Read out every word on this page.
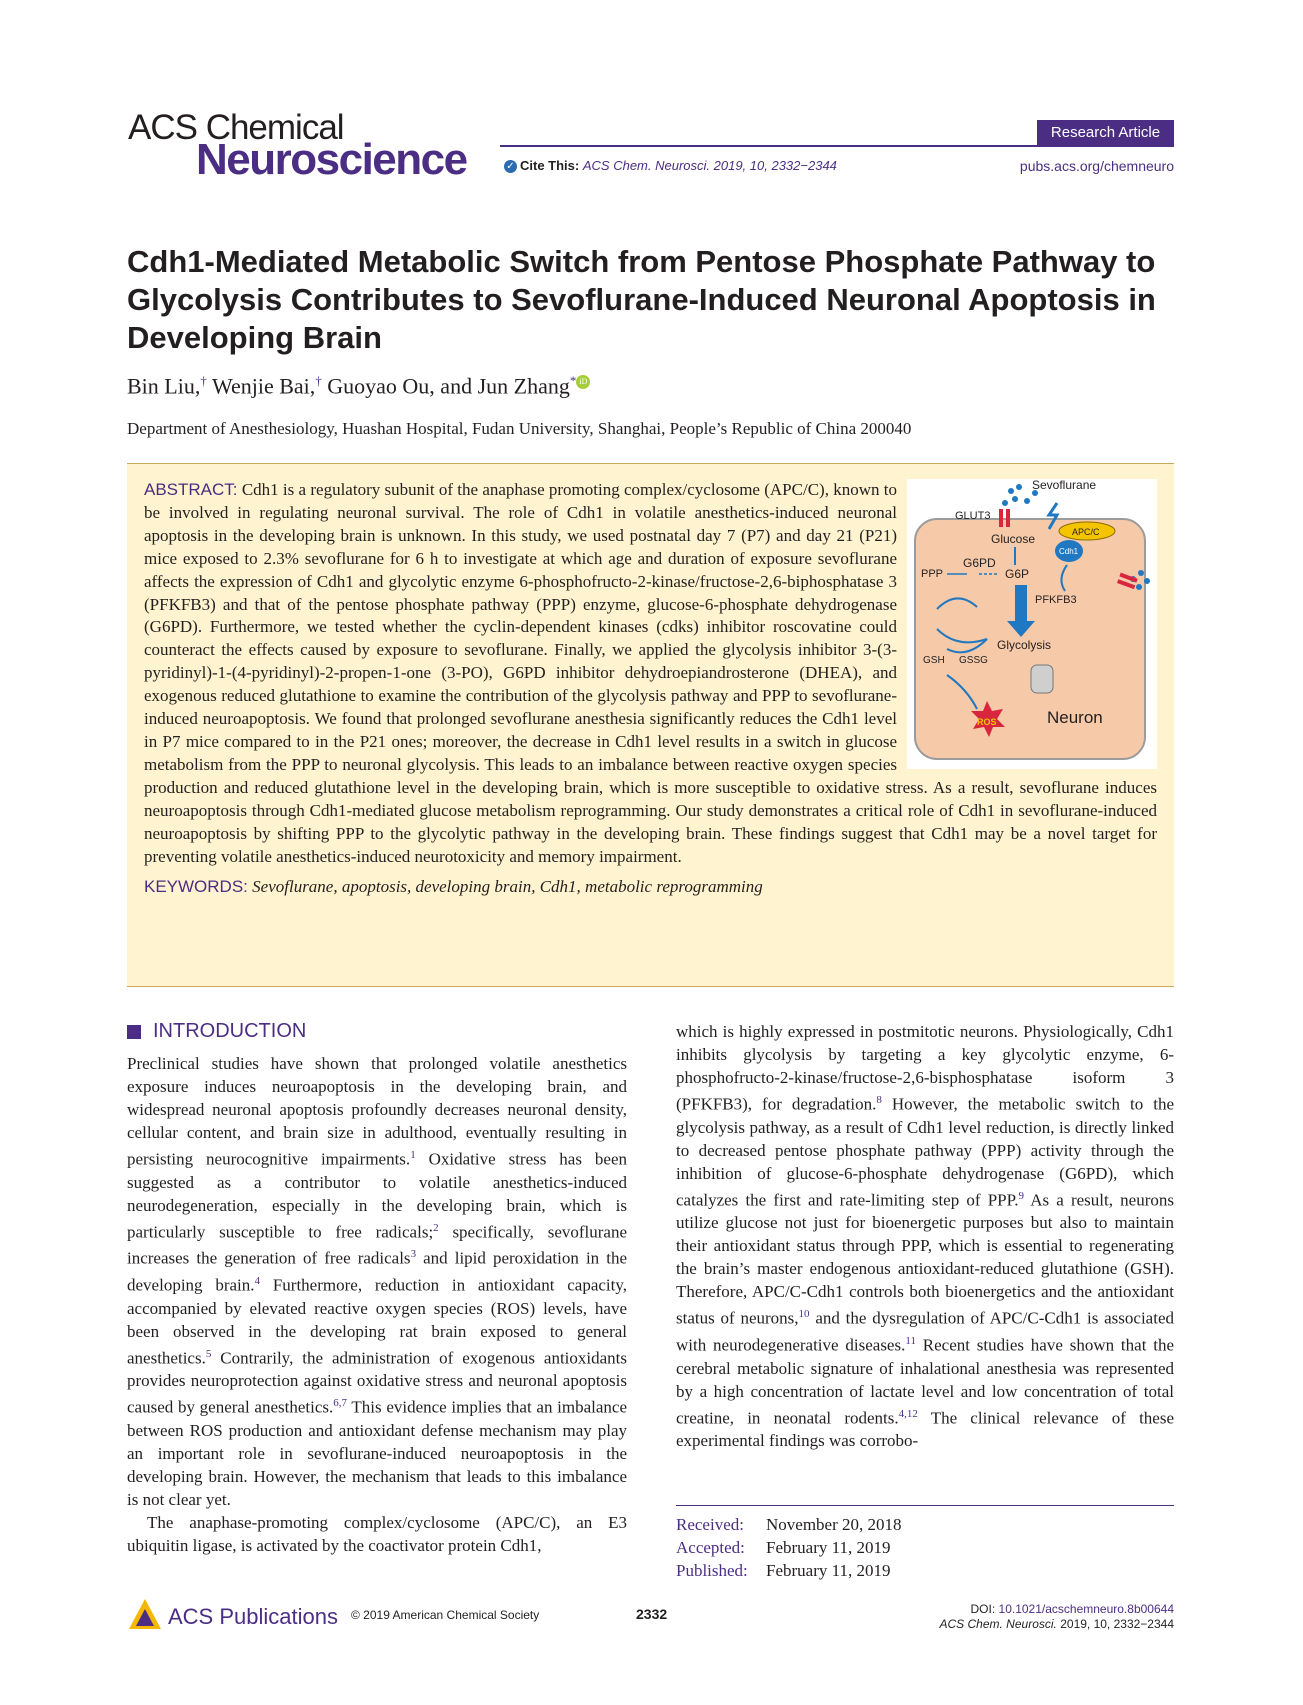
ACS Chemical
Neuroscience
Research Article
✓ Cite This: ACS Chem. Neurosci. 2019, 10, 2332−2344	pubs.acs.org/chemneuro
Cdh1-Mediated Metabolic Switch from Pentose Phosphate Pathway to Glycolysis Contributes to Sevoflurane-Induced Neuronal Apoptosis in Developing Brain
Bin Liu,† Wenjie Bai,† Guoyao Ou, and Jun Zhang* iD
Department of Anesthesiology, Huashan Hospital, Fudan University, Shanghai, People’s Republic of China 200040
Sevoflurane
GLUT3
APC/C
Cdh1
Glucose
G6PD
PPP	G6P
PFKFB3
Glycolysis
GSH GSSG
ROS	Neuron
ABSTRACT: Cdh1 is a regulatory subunit of the anaphase promoting complex/cyclosome (APC/C), known to be involved in regulating neuronal survival. The role of Cdh1 in volatile anesthetics-induced neuronal apoptosis in the developing brain is unknown. In this study, we used postnatal day 7 (P7) and day 21 (P21) mice exposed to 2.3% sevoflurane for 6 h to investigate at which age and duration of exposure sevoflurane affects the expression of Cdh1 and glycolytic enzyme 6-phosphofructo-2-kinase/fructose-2,6-biphosphatase 3 (PFKFB3) and that of the pentose phosphate pathway (PPP) enzyme, glucose-6-phosphate dehydrogenase (G6PD). Furthermore, we tested whether the cyclin-dependent kinases (cdks) inhibitor roscovatine could counteract the effects caused by exposure to sevoflurane. Finally, we applied the glycolysis inhibitor 3-(3-pyridinyl)-1-(4-pyridinyl)-2-propen-1-one (3-PO), G6PD inhibitor dehydroepiandrosterone (DHEA), and exogenous reduced glutathione to examine the contribution of the glycolysis pathway and PPP to sevoflurane-induced neuroapoptosis. We found that prolonged sevoflurane anesthesia significantly reduces the Cdh1 level in P7 mice compared to in the P21 ones; moreover, the decrease in Cdh1 level results in a switch in glucose metabolism from the PPP to neuronal glycolysis. This leads to an imbalance between reactive oxygen species production and reduced glutathione level in the developing brain, which is more susceptible to oxidative stress. As a result, sevoflurane induces neuroapoptosis through Cdh1-mediated glucose metabolism reprogramming. Our study demonstrates a critical role of Cdh1 in sevoflurane-induced neuroapoptosis by shifting PPP to the glycolytic pathway in the developing brain. These findings suggest that Cdh1 may be a novel target for preventing volatile anesthetics-induced neurotoxicity and memory impairment.
KEYWORDS: Sevoflurane, apoptosis, developing brain, Cdh1, metabolic reprogramming
INTRODUCTION

Preclinical studies have shown that prolonged volatile anesthetics exposure induces neuroapoptosis in the developing brain, and widespread neuronal apoptosis profoundly decreases neuronal density, cellular content, and brain size in adulthood, eventually resulting in persisting neurocognitive impairments.$^1$ Oxidative stress has been suggested as a contributor to volatile anesthetics-induced neurodegeneration, especially in the developing brain, which is particularly susceptible to free radicals;$^2$ specifically, sevoflurane increases the generation of free radicals$^3$ and lipid peroxidation in the developing brain.$^4$ Furthermore, reduction in antioxidant capacity, accompanied by elevated reactive oxygen species (ROS) levels, have been observed in the developing rat brain exposed to general anesthetics.$^5$ Contrarily, the administration of exogenous antioxidants provides neuroprotection against oxidative stress and neuronal apoptosis caused by general anesthetics.$^{6,7}$ This evidence implies that an imbalance between ROS production and antioxidant defense mechanism may play an important role in sevoflurane-induced neuroapoptosis in the developing brain. However, the mechanism that leads to this imbalance is not clear yet.

The anaphase-promoting complex/cyclosome (APC/C), an E3 ubiquitin ligase, is activated by the coactivator protein Cdh1,

which is highly expressed in postmitotic neurons. Physiologically, Cdh1 inhibits glycolysis by targeting a key glycolytic enzyme, 6-phosphofructo-2-kinase/fructose-2,6-bisphosphatase isoform 3 (PFKFB3), for degradation.$^8$ However, the metabolic switch to the glycolysis pathway, as a result of Cdh1 level reduction, is directly linked to decreased pentose phosphate pathway (PPP) activity through the inhibition of glucose-6-phosphate dehydrogenase (G6PD), which catalyzes the first and rate-limiting step of PPP.$^9$ As a result, neurons utilize glucose not just for bioenergetic purposes but also to maintain their antioxidant status through PPP, which is essential to regenerating the brain’s master endogenous antioxidant-reduced glutathione (GSH). Therefore, APC/C-Cdh1 controls both bioenergetics and the antioxidant status of neurons,$^{10}$ and the dysregulation of APC/C-Cdh1 is associated with neurodegenerative diseases.$^{11}$ Recent studies have shown that the cerebral metabolic signature of inhalational anesthesia was represented by a high concentration of lactate level and low concentration of total creatine, in neonatal rodents.$^{4,12}$ The clinical relevance of these experimental findings was corrobo-

Received: November 20, 2018
Accepted: February 11, 2019
Published: February 11, 2019
ACS Publications © 2019 American Chemical Society	2332	DOI: 10.1021/acschemneuro.8b00644
ACS Chem. Neurosci. 2019, 10, 2332−2344
